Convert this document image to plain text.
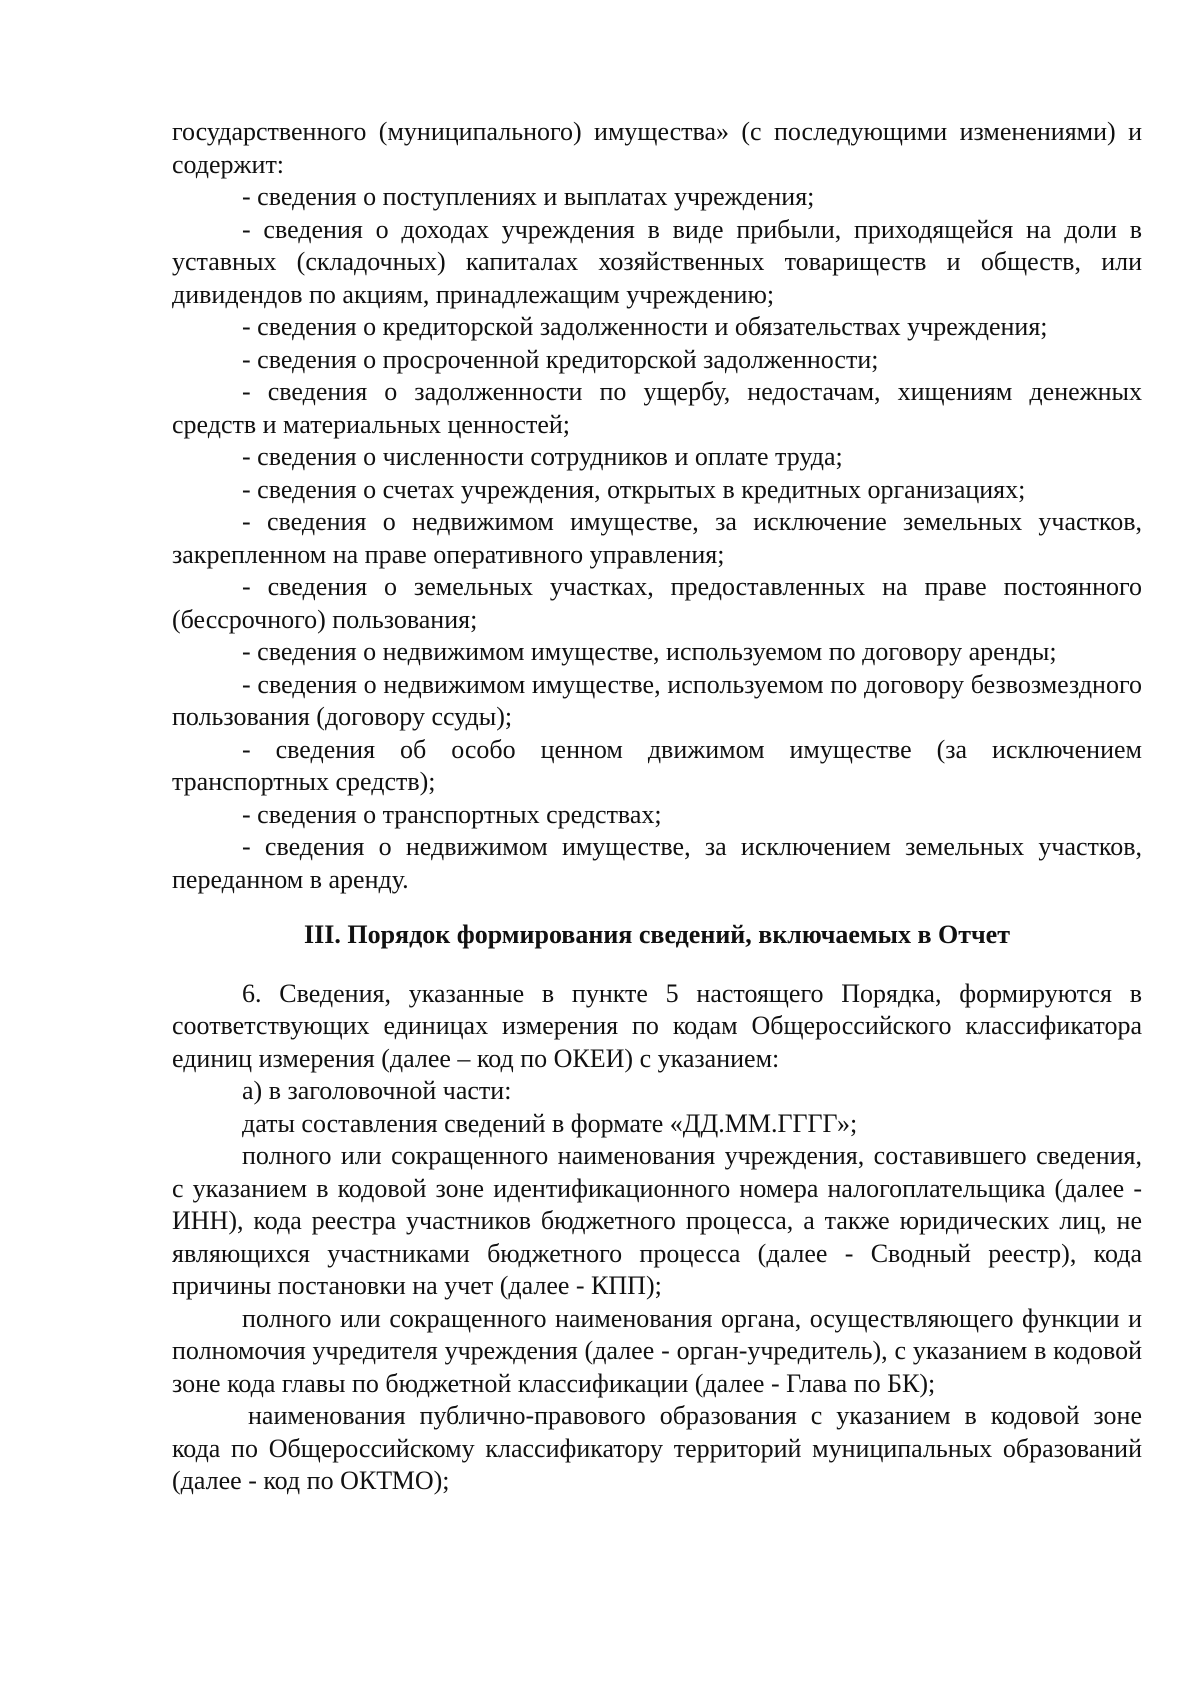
государственного (муниципального) имущества» (с последующими изменениями) и содержит:

- сведения о поступлениях и выплатах учреждения;

- сведения о доходах учреждения в виде прибыли, приходящейся на доли в уставных (складочных) капиталах хозяйственных товариществ и обществ, или дивидендов по акциям, принадлежащим учреждению;

- сведения о кредиторской задолженности и обязательствах учреждения;

- сведения о просроченной кредиторской задолженности;

- сведения о задолженности по ущербу, недостачам, хищениям денежных средств и материальных ценностей;

- сведения о численности сотрудников и оплате труда;

- сведения о счетах учреждения, открытых в кредитных организациях;

- сведения о недвижимом имуществе, за исключение земельных участков, закрепленном на праве оперативного управления;

- сведения о земельных участках, предоставленных на праве постоянного (бессрочного) пользования;

- сведения о недвижимом имуществе, используемом по договору аренды;

- сведения о недвижимом имуществе, используемом по договору безвозмездного пользования (договору ссуды);

- сведения об особо ценном движимом имуществе (за исключением транспортных средств);

- сведения о транспортных средствах;

- сведения о недвижимом имуществе, за исключением земельных участков, переданном в аренду.

III. Порядок формирования сведений, включаемых в Отчет

6. Сведения, указанные в пункте 5 настоящего Порядка, формируются в соответствующих единицах измерения по кодам Общероссийского классификатора единиц измерения (далее – код по ОКЕИ) с указанием:

а) в заголовочной части:

даты составления сведений в формате «ДД.ММ.ГГГГ»;

полного или сокращенного наименования учреждения, составившего сведения, с указанием в кодовой зоне идентификационного номера налогоплательщика (далее - ИНН), кода реестра участников бюджетного процесса, а также юридических лиц, не являющихся участниками бюджетного процесса (далее - Сводный реестр), кода причины постановки на учет (далее - КПП);

полного или сокращенного наименования органа, осуществляющего функции и полномочия учредителя учреждения (далее - орган-учредитель), с указанием в кодовой зоне кода главы по бюджетной классификации (далее - Глава по БК);

наименования публично-правового образования с указанием в кодовой зоне кода по Общероссийскому классификатору территорий муниципальных образований (далее - код по ОКТМО);
